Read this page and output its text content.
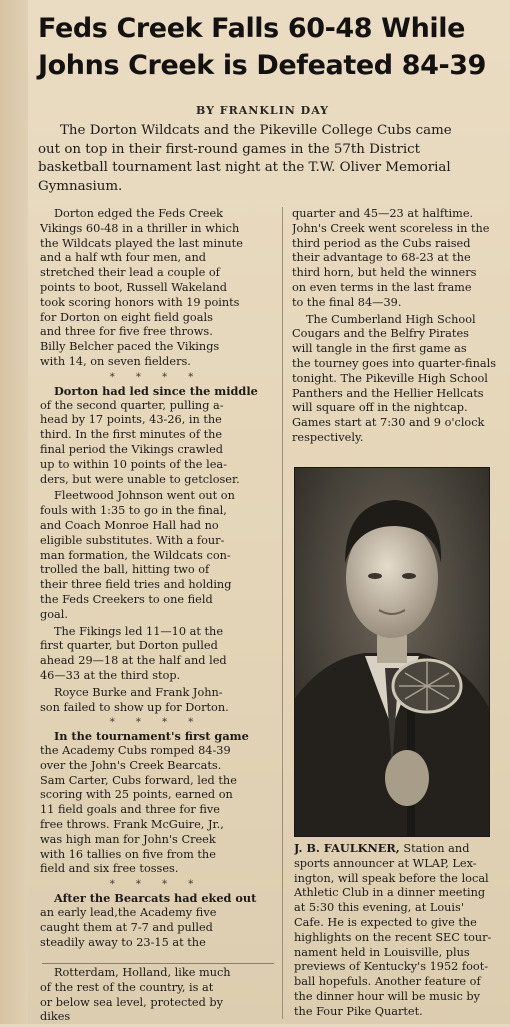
Feds Creek Falls 60-48 While
Johns Creek is Defeated 84-39
BY FRANKLIN DAY

The Dorton Wildcats and the Pikeville College Cubs came
out on top in their first-round games in the 57th District
basketball tournament last night at the T.W. Oliver Memorial
Gymnasium.

Dorton edged the Feds Creek
Vikings 60-48 in a thriller in which
the Wildcats played the last minute
and a half wth four men, and
stretched their lead a couple of
points to boot, Russell Wakeland
took scoring honors with 19 points
for Dorton on eight field goals
and three for five free throws.
Billy Belcher paced the Vikings
with 14, on seven fielders.

* * * *

Dorton had led since the middle
of the second quarter, pulling a-
head by 17 points, 43-26, in the
third. In the first minutes of the
final period the Vikings crawled
up to within 10 points of the lea-
ders, but were unable to getcloser.

Fleetwood Johnson went out on
fouls with 1:35 to go in the final,
and Coach Monroe Hall had no
eligible substitutes. With a four-
man formation, the Wildcats con-
trolled the ball, hitting two of
their three field tries and holding
the Feds Creekers to one field
goal.

The Fikings led 11—10 at the
first quarter, but Dorton pulled
ahead 29—18 at the half and led
46—33 at the third stop.

Royce Burke and Frank John-
son failed to show up for Dorton.

* * * *

In the tournament's first game
the Academy Cubs romped 84-39
over the John's Creek Bearcats.
Sam Carter, Cubs forward, led the
scoring with 25 points, earned on
11 field goals and three for five
free throws. Frank McGuire, Jr.,
was high man for John's Creek
with 16 tallies on five from the
field and six free tosses.

* * * *

After the Bearcats had eked out
an early lead,the Academy five
caught them at 7-7 and pulled
steadily away to 23-15 at the

Rotterdam, Holland, like much
of the rest of the country, is at
or below sea level, protected by
dikes

quarter and 45—23 at halftime.
John's Creek went scoreless in the
third period as the Cubs raised
their advantage to 68-23 at the
third horn, but held the winners
on even terms in the last frame
to the final 84—39.

The Cumberland High School
Cougars and the Belfry Pirates
will tangle in the first game as
the tourney goes into quarter-finals
tonight. The Pikeville High School
Panthers and the Hellier Hellcats
will square off in the nightcap.
Games start at 7:30 and 9 o'clock
respectively.

J. B. FAULKNER, Station and
sports announcer at WLAP, Lex-
ington, will speak before the local
Athletic Club in a dinner meeting
at 5:30 this evening, at Louis'
Cafe. He is expected to give the
highlights on the recent SEC tour-
nament held in Louisville, plus
previews of Kentucky's 1952 foot-
ball hopefuls. Another feature of
the dinner hour will be music by
the Four Pike Quartet.
